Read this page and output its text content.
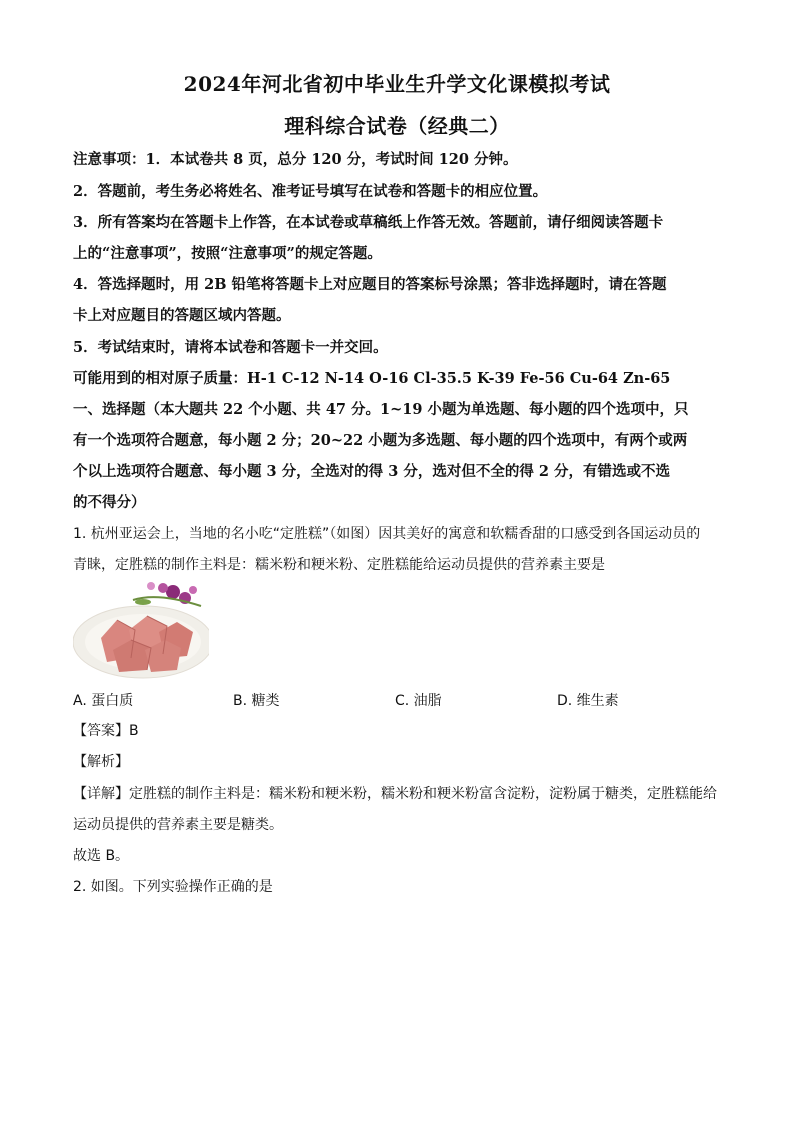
2024年河北省初中毕业生升学文化课模拟考试
理科综合试卷（经典二）
注意事项：1．本试卷共 8 页，总分 120 分，考试时间 120 分钟。
2．答题前，考生务必将姓名、准考证号填写在试卷和答题卡的相应位置。
3．所有答案均在答题卡上作答，在本试卷或草稿纸上作答无效。答题前，请仔细阅读答题卡
上的“注意事项”，按照“注意事项”的规定答题。
4．答选择题时，用 2B 铅笔将答题卡上对应题目的答案标号涂黑；答非选择题时，请在答题
卡上对应题目的答题区域内答题。
5．考试结束时，请将本试卷和答题卡一并交回。
可能用到的相对原子质量：H-1 C-12 N-14 O-16 Cl-35.5 K-39 Fe-56 Cu-64 Zn-65
一、选择题（本大题共 22 个小题、共 47 分。1~19 小题为单选题、每小题的四个选项中，只
有一个选项符合题意，每小题 2 分；20~22 小题为多选题、每小题的四个选项中，有两个或两
个以上选项符合题意、每小题 3 分，全选对的得 3 分，选对但不全的得 2 分，有错选或不选
的不得分）
1. 杭州亚运会上，当地的名小吃“定胜糕”（如图）因其美好的寓意和软糯香甜的口感受到各国运动员的
青睐，定胜糕的制作主料是：糯米粉和粳米粉、定胜糕能给运动员提供的营养素主要是
A. 蛋白质	B. 糖类	C. 油脂	D. 维生素
【答案】B
【解析】
【详解】定胜糕的制作主料是：糯米粉和粳米粉，糯米粉和粳米粉富含淀粉，淀粉属于糖类，定胜糕能给
运动员提供的营养素主要是糖类。
故选 B。
2. 如图。下列实验操作正确的是
